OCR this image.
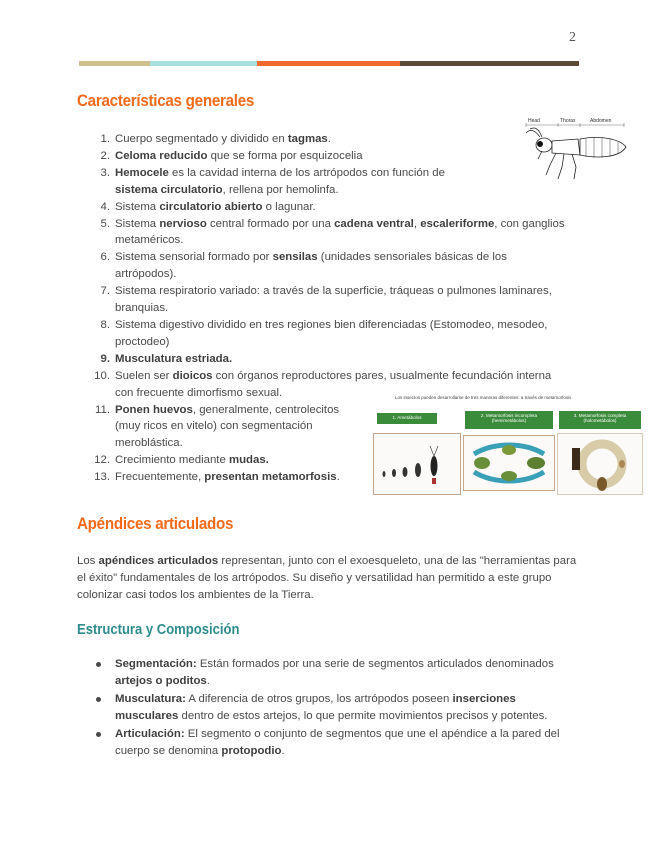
2
Características generales
Head	Thorax	Abdomen
1. Cuerpo segmentado y dividido en tagmas.
2. Celoma reducido que se forma por esquizocelia
3. Hemocele es la cavidad interna de los artrópodos con función de sistema circulatorio, rellena por hemolinfa.
4. Sistema circulatorio abierto o lagunar.
5. Sistema nervioso central formado por una cadena ventral, escaleriforme, con ganglios metaméricos.
6. Sistema sensorial formado por sensilas (unidades sensoriales básicas de los artrópodos).
7. Sistema respiratorio variado: a través de la superficie, tráqueas o pulmones laminares, branquias.
8. Sistema digestivo dividido en tres regiones bien diferenciadas (Estomodeo, mesodeo, proctodeo)
9. Musculatura estriada.
10. Suelen ser dioicos con órganos reproductores pares, usualmente fecundación interna con frecuente dimorfismo sexual.
11. Ponen huevos, generalmente, centrolecitos (muy ricos en vitelo) con segmentación meroblástica.
12. Crecimiento mediante mudas.
13. Frecuentemente, presentan metamorfosis.
Los insectos pueden desarrollarse de tres maneras diferentes: a través de metamorfosis
1. Ametábolos	2. Metamorfosis incompleta (hemimetábolos)
3. Metamorfosis completa (holometábolos)
Apéndices articulados

Los apéndices articulados representan, junto con el exoesqueleto, una de las "herramientas para el éxito" fundamentales de los artrópodos. Su diseño y versatilidad han permitido a este grupo colonizar casi todos los ambientes de la Tierra.

Estructura y Composición
Segmentación: Están formados por una serie de segmentos articulados denominados artejos o poditos.
Musculatura: A diferencia de otros grupos, los artrópodos poseen inserciones musculares dentro de estos artejos, lo que permite movimientos precisos y potentes.
Articulación: El segmento o conjunto de segmentos que une el apéndice a la pared del cuerpo se denomina protopodio.
